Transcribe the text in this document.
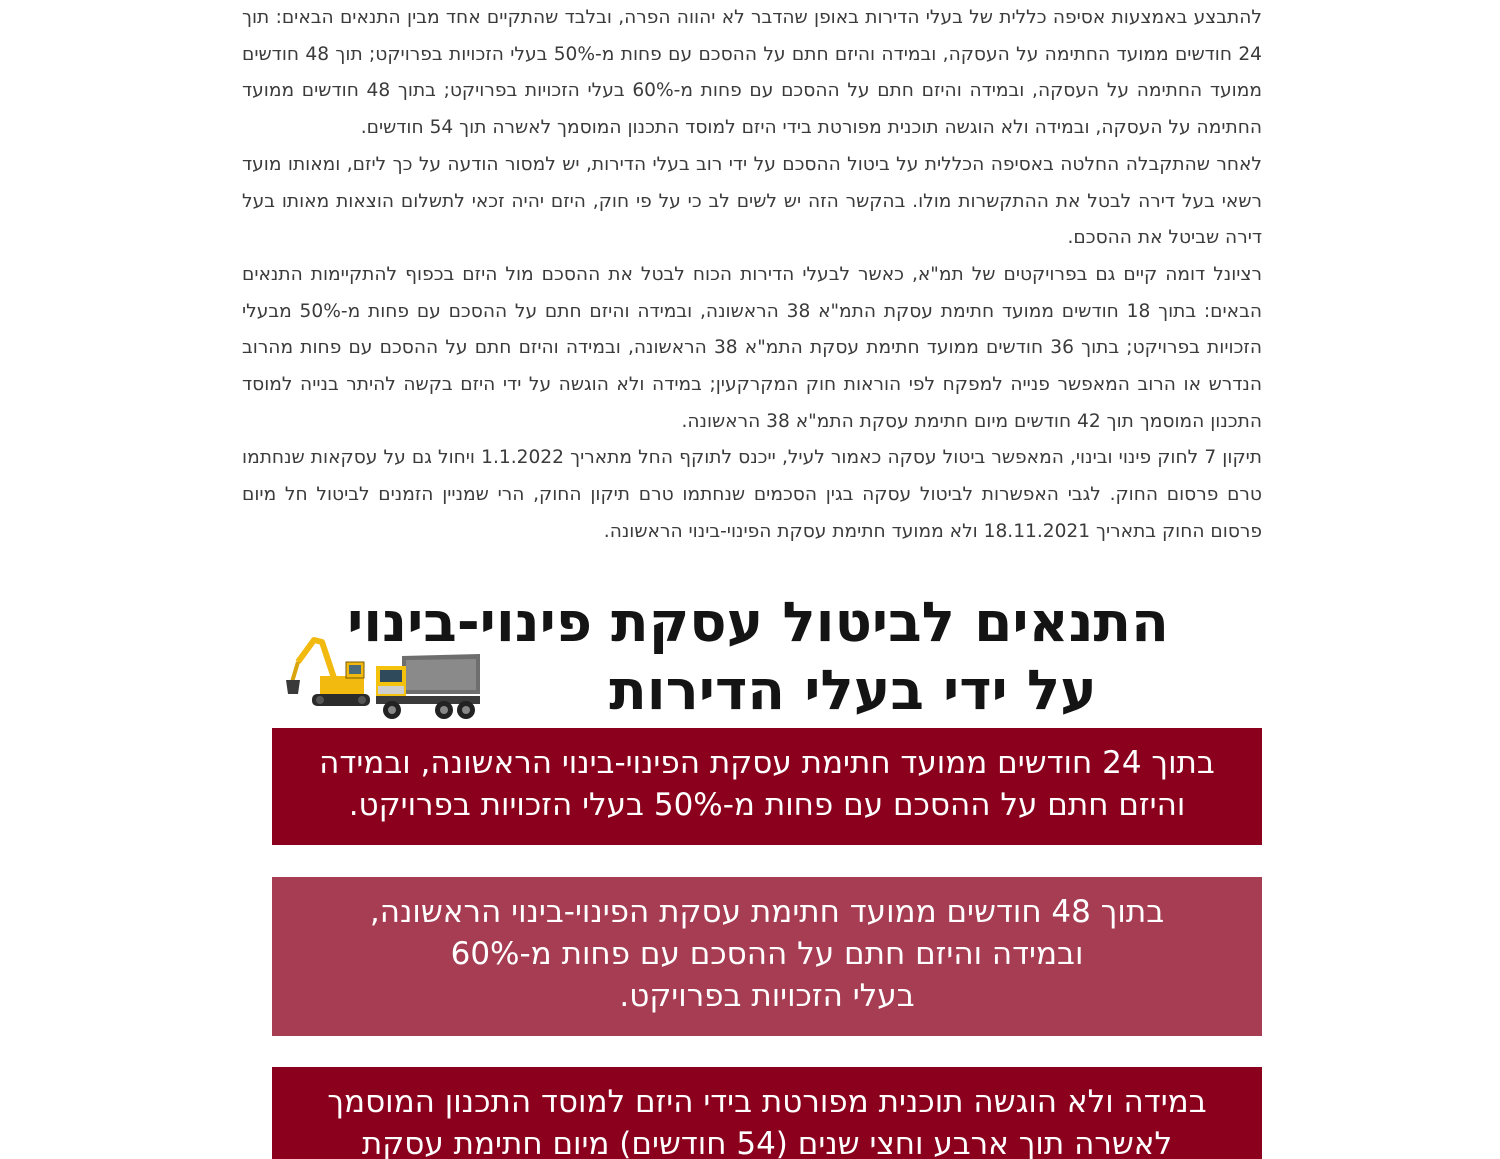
להתבצע באמצעות אסיפה כללית של בעלי הדירות באופן שהדבר לא יהווה הפרה, ובלבד שהתקיים אחד מבין התנאים הבאים: תוך 24 חודשים ממועד החתימה על העסקה, ובמידה והיזם חתם על ההסכם עם פחות מ-50% בעלי הזכויות בפרויקט; תוך 48 חודשים ממועד החתימה על העסקה, ובמידה והיזם חתם על ההסכם עם פחות מ-60% בעלי הזכויות בפרויקט; בתוך 48 חודשים ממועד החתימה על העסקה, ובמידה ולא הוגשה תוכנית מפורטת בידי היזם למוסד התכנון המוסמך לאשרה תוך 54 חודשים.

לאחר שהתקבלה החלטה באסיפה הכללית על ביטול ההסכם על ידי רוב בעלי הדירות, יש למסור הודעה על כך ליזם, ומאותו מועד רשאי בעל דירה לבטל את ההתקשרות מולו. בהקשר הזה יש לשים לב כי על פי חוק, היזם יהיה זכאי לתשלום הוצאות מאותו בעל דירה שביטל את ההסכם.

רציונל דומה קיים גם בפרויקטים של תמ"א, כאשר לבעלי הדירות הכוח לבטל את ההסכם מול היזם בכפוף להתקיימות התנאים הבאים: בתוך 18 חודשים ממועד חתימת עסקת התמ"א 38 הראשונה, ובמידה והיזם חתם על ההסכם עם פחות מ-50% מבעלי הזכויות בפרויקט; בתוך 36 חודשים ממועד חתימת עסקת התמ"א 38 הראשונה, ובמידה והיזם חתם על ההסכם עם פחות מהרוב הנדרש או הרוב המאפשר פנייה למפקח לפי הוראות חוק המקרקעין; במידה ולא הוגשה על ידי היזם בקשה להיתר בנייה למוסד התכנון המוסמך תוך 42 חודשים מיום חתימת עסקת התמ"א 38 הראשונה.

תיקון 7 לחוק פינוי ובינוי, המאפשר ביטול עסקה כאמור לעיל, ייכנס לתוקף החל מתאריך 1.1.2022 ויחול גם על עסקאות שנחתמו טרם פרסום החוק. לגבי האפשרות לביטול עסקה בגין הסכמים שנחתמו טרם תיקון החוק, הרי שמניין הזמנים לביטול חל מיום פרסום החוק בתאריך 18.11.2021 ולא ממועד חתימת עסקת הפינוי-בינוי הראשונה.

התנאים לביטול עסקת פינוי-בינוי
על ידי בעלי הדירות
בתוך 24 חודשים ממועד חתימת עסקת הפינוי-בינוי הראשונה, ובמידה
והיזם חתם על ההסכם עם פחות מ-50% בעלי הזכויות בפרויקט.
בתוך 48 חודשים ממועד חתימת עסקת הפינוי-בינוי הראשונה,
ובמידה והיזם חתם על ההסכם עם פחות מ-60%
בעלי הזכויות בפרויקט.
במידה ולא הוגשה תוכנית מפורטת בידי היזם למוסד התכנון המוסמך
לאשרה תוך ארבע וחצי שנים (54 חודשים) מיום חתימת עסקת
